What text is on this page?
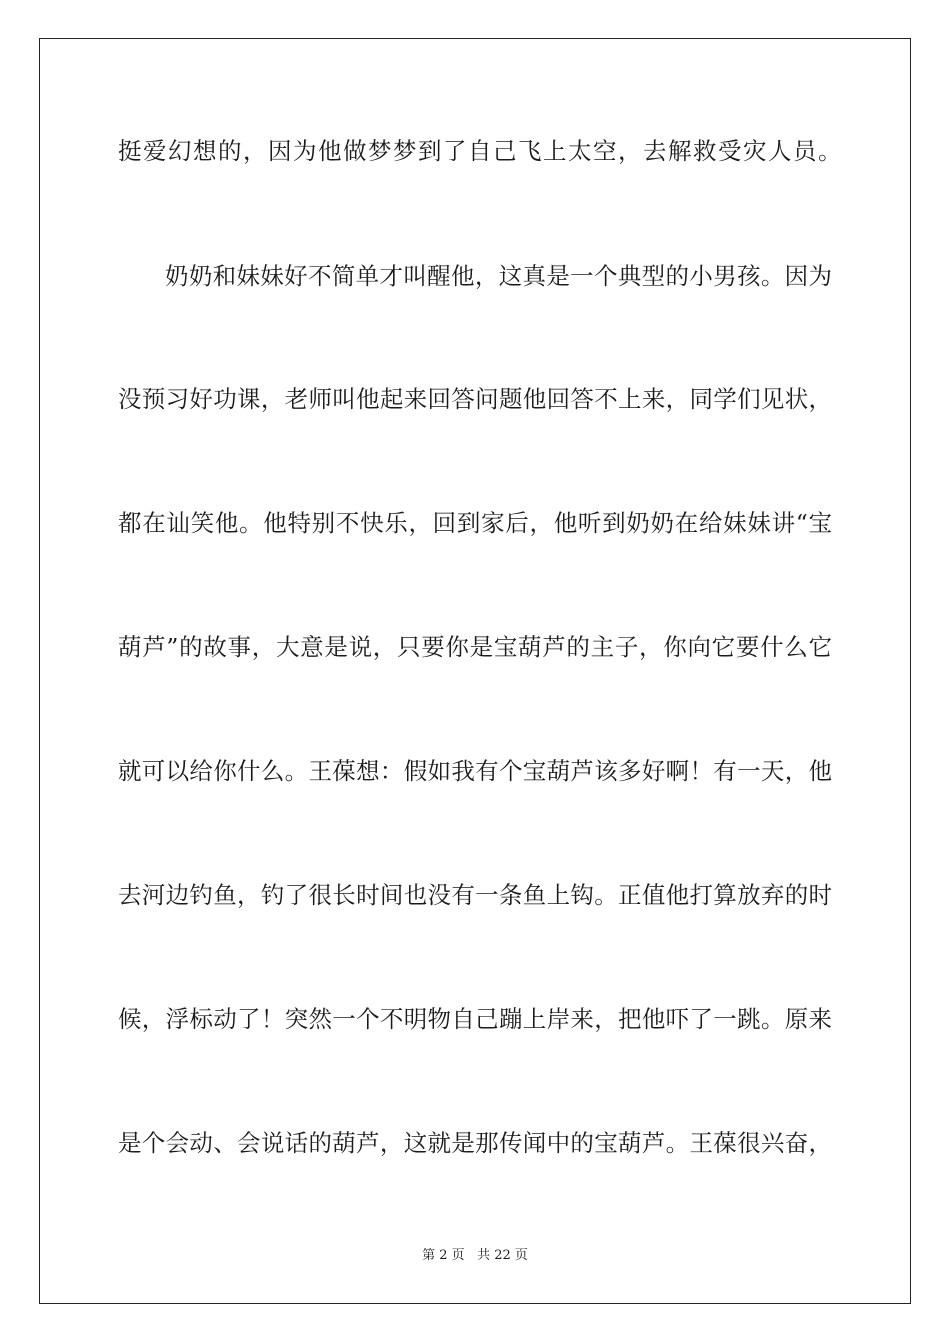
挺爱幻想的，因为他做梦梦到了自己飞上太空，去解救受灾人员。
奶奶和妹妹好不简单才叫醒他，这真是一个典型的小男孩。因为
没预习好功课，老师叫他起来回答问题他回答不上来，同学们见状，
都在讪笑他。他特别不快乐，回到家后，他听到奶奶在给妹妹讲“宝
葫芦”的故事，大意是说，只要你是宝葫芦的主子，你向它要什么它
就可以给你什么。王葆想：假如我有个宝葫芦该多好啊！有一天，他
去河边钓鱼，钓了很长时间也没有一条鱼上钩。正值他打算放弃的时
候，浮标动了！突然一个不明物自己蹦上岸来，把他吓了一跳。原来
是个会动、会说话的葫芦，这就是那传闻中的宝葫芦。王葆很兴奋，
第 2 页 共 22 页
